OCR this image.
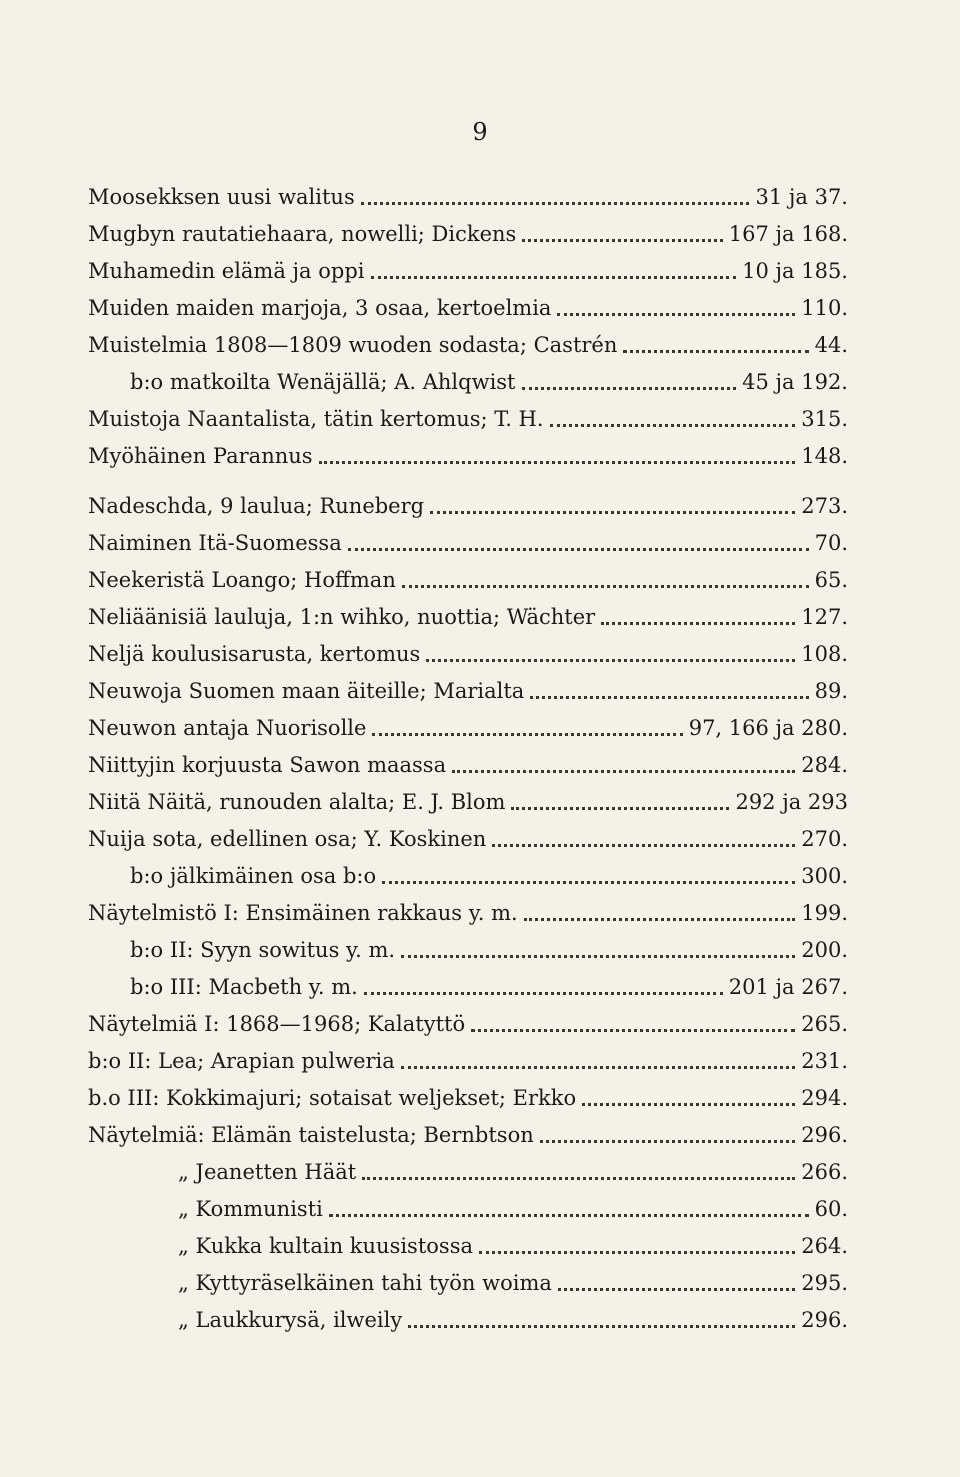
9
Moosekksen uusi walitus	31 ja 37.
Mugbyn rautatiehaara, nowelli; Dickens	167 ja 168.
Muhamedin elämä ja oppi	10 ja 185.
Muiden maiden marjoja, 3 osaa, kertoelmia	110.
Muistelmia 1808—1809 wuoden sodasta; Castrén	44.
b:o matkoilta Wenäjällä; A. Ahlqwist	45 ja 192.
Muistoja Naantalista, tätin kertomus; T. H.	315.
Myöhäinen Parannus	148.
Nadeschda, 9 laulua; Runeberg	273.
Naiminen Itä-Suomessa	70.
Neekeristä Loango; Hoffman	65.
Neliäänisiä lauluja, 1:n wihko, nuottia; Wächter	127.
Neljä koulusisarusta, kertomus	108.
Neuwoja Suomen maan äiteille; Marialta	89.
Neuwon antaja Nuorisolle	97, 166 ja 280.
Niittyjin korjuusta Sawon maassa	284.
Niitä Näitä, runouden alalta; E. J. Blom	292 ja 293
Nuija sota, edellinen osa; Y. Koskinen	270.
b:o jälkimäinen osa b:o	300.
Näytelmistö I: Ensimäinen rakkaus y. m.	199.
b:o II: Syyn sowitus y. m.	200.
b:o III: Macbeth y. m.	201 ja 267.
Näytelmiä I: 1868—1968; Kalatyttö	265.
b:o II: Lea; Arapian pulweria	231.
b.o III: Kokkimajuri; sotaisat weljekset; Erkko	294.
Näytelmiä: Elämän taistelusta; Bernbtson	296.
„ Jeanetten Häät	266.
„ Kommunisti	60.
„ Kukka kultain kuusistossa	264.
„ Kyttyräselkäinen tahi työn woima	295.
„ Laukkurysä, ilweily	296.
